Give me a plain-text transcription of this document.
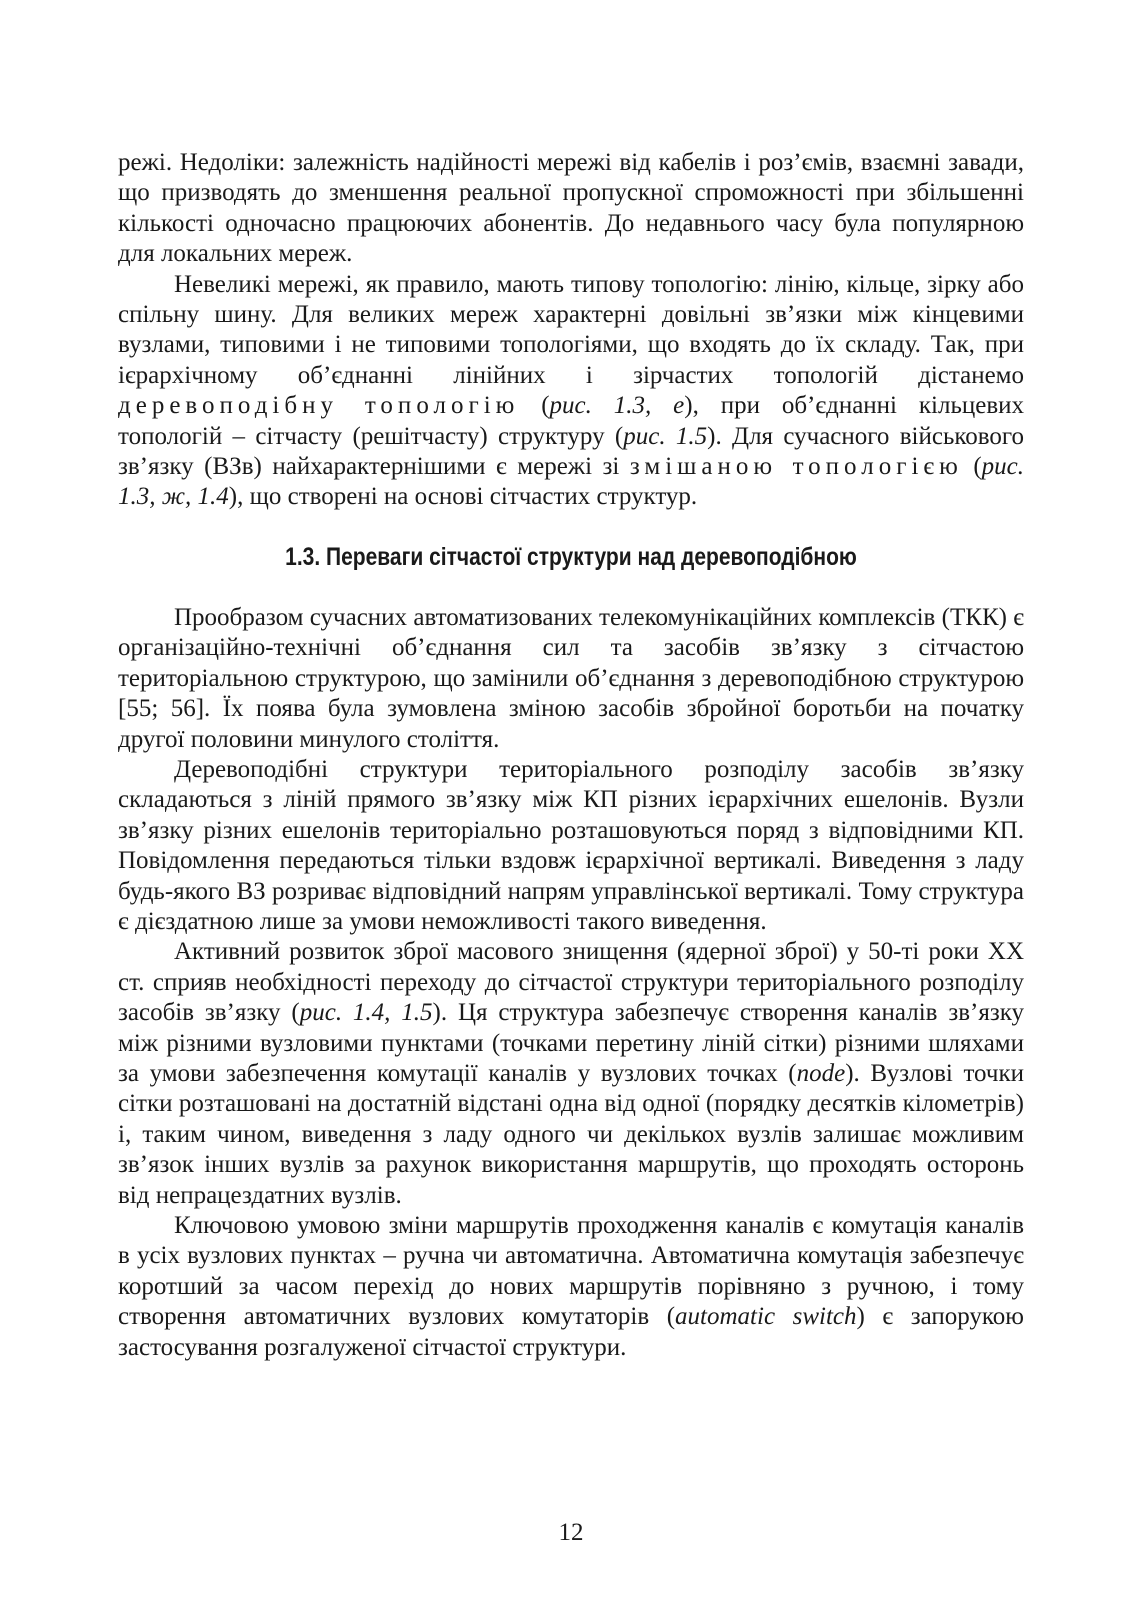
режі. Недоліки: залежність надійності мережі від кабелів і роз’ємів, взаємні завади, що призводять до зменшення реальної пропускної спроможності при збільшенні кількості одночасно працюючих абонентів. До недавнього часу була популярною для локальних мереж.

Невеликі мережі, як правило, мають типову топологію: лінію, кільце, зірку або спільну шину. Для великих мереж характерні довільні зв’язки між кінцевими вузлами, типовими і не типовими топологіями, що входять до їх складу. Так, при ієрархічному об’єднанні лінійних і зірчастих топологій дістанемо деревоподібну топологію (рис. 1.3, е), при об’єднанні кільцевих топологій – сітчасту (решітчасту) структуру (рис. 1.5). Для сучасного військового зв’язку (ВЗв) найхарактернішими є мережі зі змішаною топологією (рис. 1.3, ж, 1.4), що створені на основі сітчастих структур.

1.3. Переваги сітчастої структури над деревоподібною

Прообразом сучасних автоматизованих телекомунікаційних комплексів (ТКК) є організаційно-технічні об’єднання сил та засобів зв’язку з сітчастою територіальною структурою, що замінили об’єднання з деревоподібною структурою [55; 56]. Їх поява була зумовлена зміною засобів збройної боротьби на початку другої половини минулого століття.

Деревоподібні структури територіального розподілу засобів зв’язку складаються з ліній прямого зв’язку між КП різних ієрархічних ешелонів. Вузли зв’язку різних ешелонів територіально розташовуються поряд з відповідними КП. Повідомлення передаються тільки вздовж ієрархічної вертикалі. Виведення з ладу будь-якого ВЗ розриває відповідний напрям управлінської вертикалі. Тому структура є дієздатною лише за умови неможливості такого виведення.

Активний розвиток зброї масового знищення (ядерної зброї) у 50-ті роки ХХ ст. сприяв необхідності переходу до сітчастої структури територіального розподілу засобів зв’язку (рис. 1.4, 1.5). Ця структура забезпечує створення каналів зв’язку між різними вузловими пунктами (точками перетину ліній сітки) різними шляхами за умови забезпечення комутації каналів у вузлових точках (node). Вузлові точки сітки розташовані на достатній відстані одна від одної (порядку десятків кілометрів) і, таким чином, виведення з ладу одного чи декількох вузлів залишає можливим зв’язок інших вузлів за рахунок використання маршрутів, що проходять осторонь від непрацездатних вузлів.

Ключовою умовою зміни маршрутів проходження каналів є комутація каналів в усіх вузлових пунктах – ручна чи автоматична. Автоматична комутація забезпечує коротший за часом перехід до нових маршрутів порівняно з ручною, і тому створення автоматичних вузлових комутаторів (automatic switch) є запорукою застосування розгалуженої сітчастої структури.

12
